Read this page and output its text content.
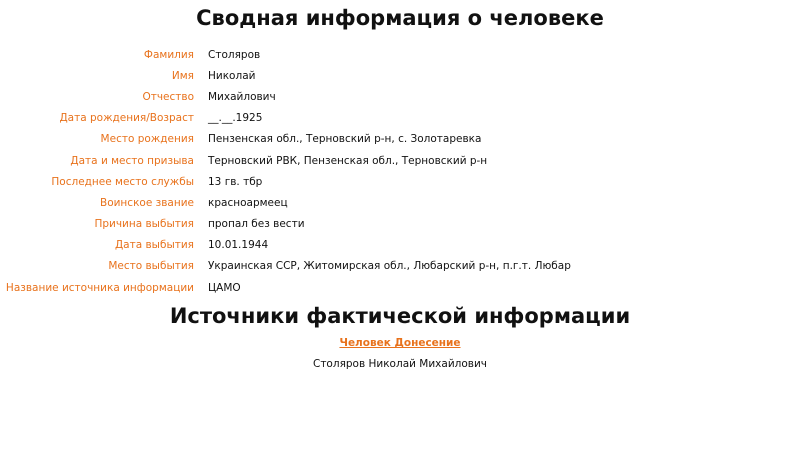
Сводная информация о человеке
Фамилия	Столяров
Имя	Николай
Отчество	Михайлович
Дата рождения/Возраст	__.__.1925
Место рождения	Пензенская обл., Терновский р-н, с. Золотаревка
Дата и место призыва	Терновский РВК, Пензенская обл., Терновский р-н
Последнее место службы	13 гв. тбр
Воинское звание	красноармеец
Причина выбытия	пропал без вести
Дата выбытия	10.01.1944
Место выбытия	Украинская ССР, Житомирская обл., Любарский р-н, п.г.т. Любар
Название источника информации	ЦАМО
Источники фактической информации
Человек Донесение
Столяров Николай Михайлович
